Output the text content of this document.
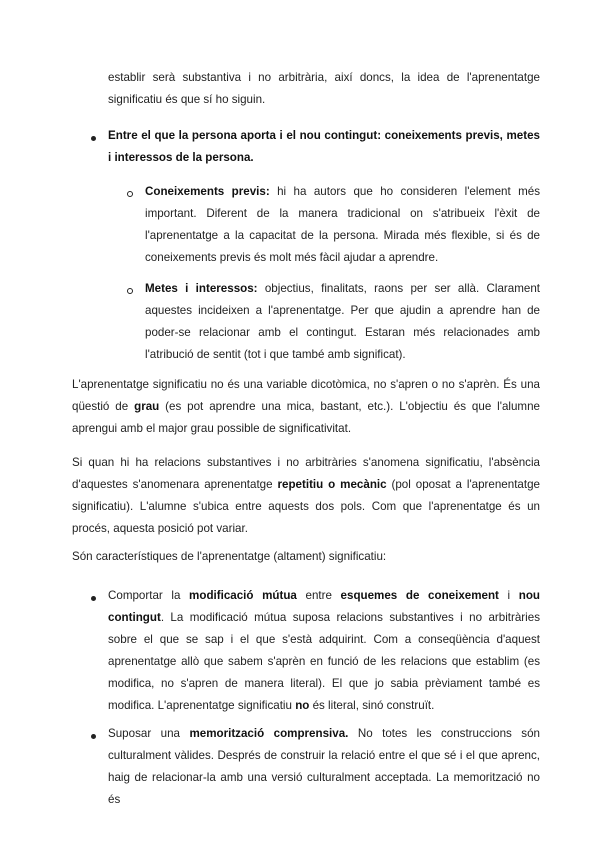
establir serà substantiva i no arbitrària, així doncs, la idea de l'aprenentatge significatiu és que sí ho siguin.

Entre el que la persona aporta i el nou contingut: coneixements previs, metes i interessos de la persona.

Coneixements previs: hi ha autors que ho consideren l'element més important. Diferent de la manera tradicional on s'atribueix l'èxit de l'aprenentatge a la capacitat de la persona. Mirada més flexible, si és de coneixements previs és molt més fàcil ajudar a aprendre.

Metes i interessos: objectius, finalitats, raons per ser allà. Clarament aquestes incideixen a l'aprenentatge. Per que ajudin a aprendre han de poder-se relacionar amb el contingut. Estaran més relacionades amb l'atribució de sentit (tot i que també amb significat).

L'aprenentatge significatiu no és una variable dicotòmica, no s'apren o no s'aprèn. És una qüestió de grau (es pot aprendre una mica, bastant, etc.). L'objectiu és que l'alumne aprengui amb el major grau possible de significativitat.

Si quan hi ha relacions substantives i no arbitràries s'anomena significatiu, l'absència d'aquestes s'anomenara aprenentatge repetitiu o mecànic (pol oposat a l'aprenentatge significatiu). L'alumne s'ubica entre aquests dos pols. Com que l'aprenentatge és un procés, aquesta posició pot variar.

Són característiques de l'aprenentatge (altament) significatiu:

Comportar la modificació mútua entre esquemes de coneixement i nou contingut. La modificació mútua suposa relacions substantives i no arbitràries sobre el que se sap i el que s'està adquirint. Com a conseqüència d'aquest aprenentatge allò que sabem s'aprèn en funció de les relacions que establim (es modifica, no s'apren de manera literal). El que jo sabia prèviament també es modifica. L'aprenentatge significatiu no és literal, sinó construït.

Suposar una memorització comprensiva. No totes les construccions són culturalment vàlides. Després de construir la relació entre el que sé i el que aprenc, haig de relacionar-la amb una versió culturalment acceptada. La memorització no és
